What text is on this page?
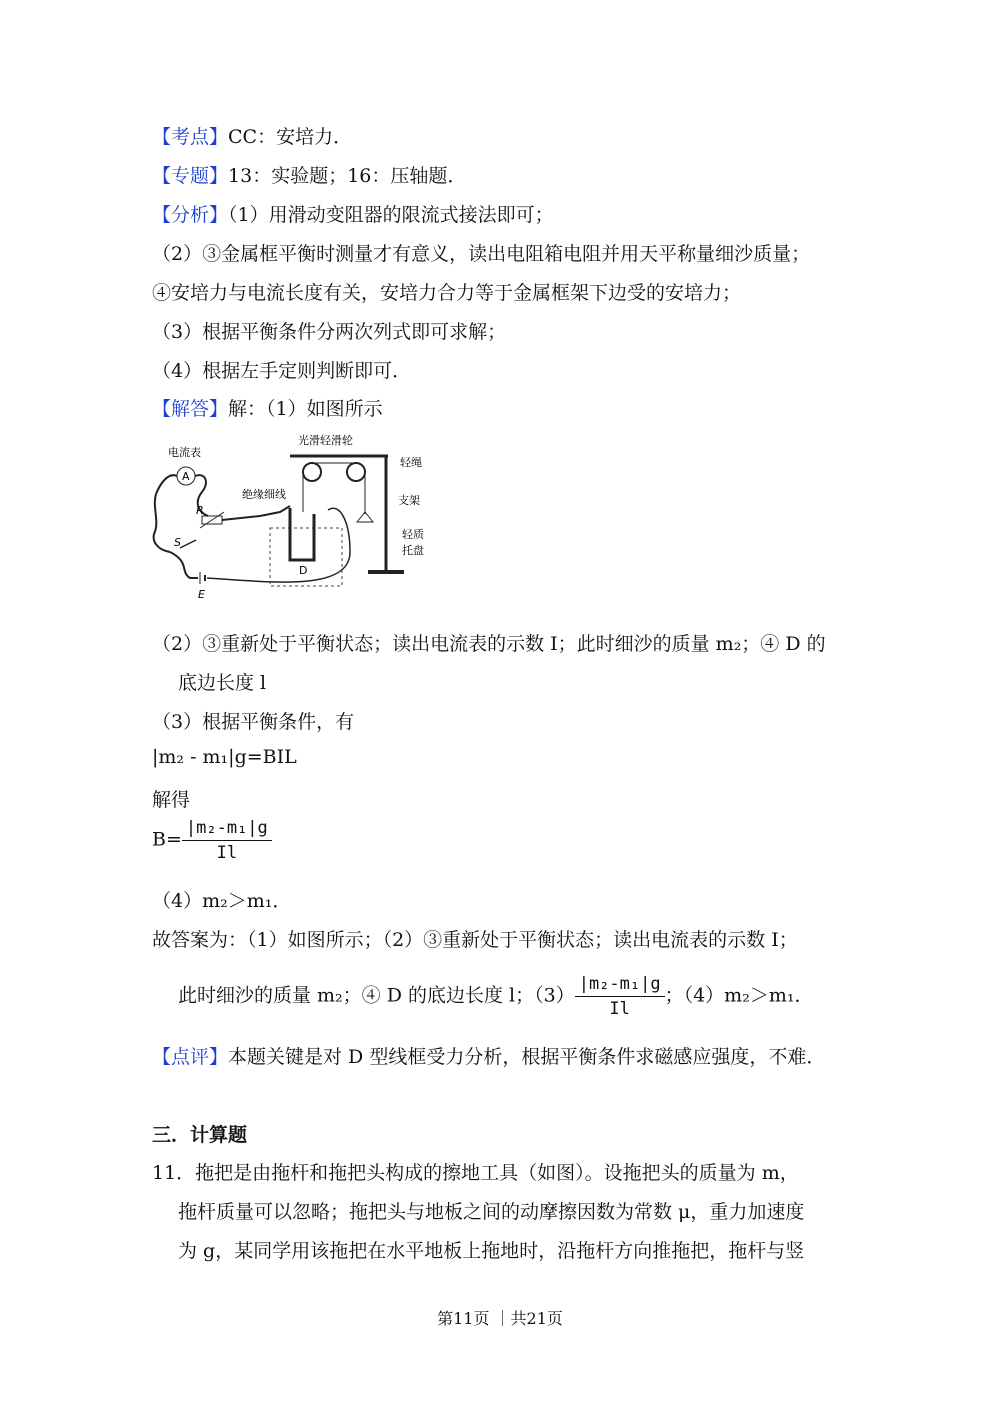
【考点】CC：安培力．
【专题】13：实验题；16：压轴题．
【分析】（1）用滑动变阻器的限流式接法即可；
（2）③金属框平衡时测量才有意义，读出电阻箱电阻并用天平称量细沙质量；
④安培力与电流长度有关，安培力合力等于金属框架下边受的安培力；
（3）根据平衡条件分两次列式即可求解；
（4）根据左手定则判断即可．
【解答】解：（1）如图所示
电流表
A
R
S
E
绝缘细线
D
光滑轻滑轮
轻绳
支架
轻质
托盘
（2）③重新处于平衡状态；读出电流表的示数 I；此时细沙的质量 m₂；④ D 的
底边长度 l
（3）根据平衡条件，有
|m₂ - m₁|g=BIL
解得
$B= \frac{\text{|m₂-m₁|g}}{Il}$
（4）m₂＞m₁．
故答案为：（1）如图所示；（2）③重新处于平衡状态；读出电流表的示数 I；
此时细沙的质量 m₂；④ D 的底边长度 l；$(3) \frac{\text{|m₂-m₁|g}}{Il}$ ；（4）m₂＞m₁．
【点评】本题关键是对 D 型线框受力分析，根据平衡条件求磁感应强度，不难．
三．计算题
11．拖把是由拖杆和拖把头构成的擦地工具（如图）。设拖把头的质量为 m，
拖杆质量可以忽略；拖把头与地板之间的动摩擦因数为常数 μ，重力加速度
为 g，某同学用该拖把在水平地板上拖地时，沿拖杆方向推拖把，拖杆与竖
第11页 ｜共21页
